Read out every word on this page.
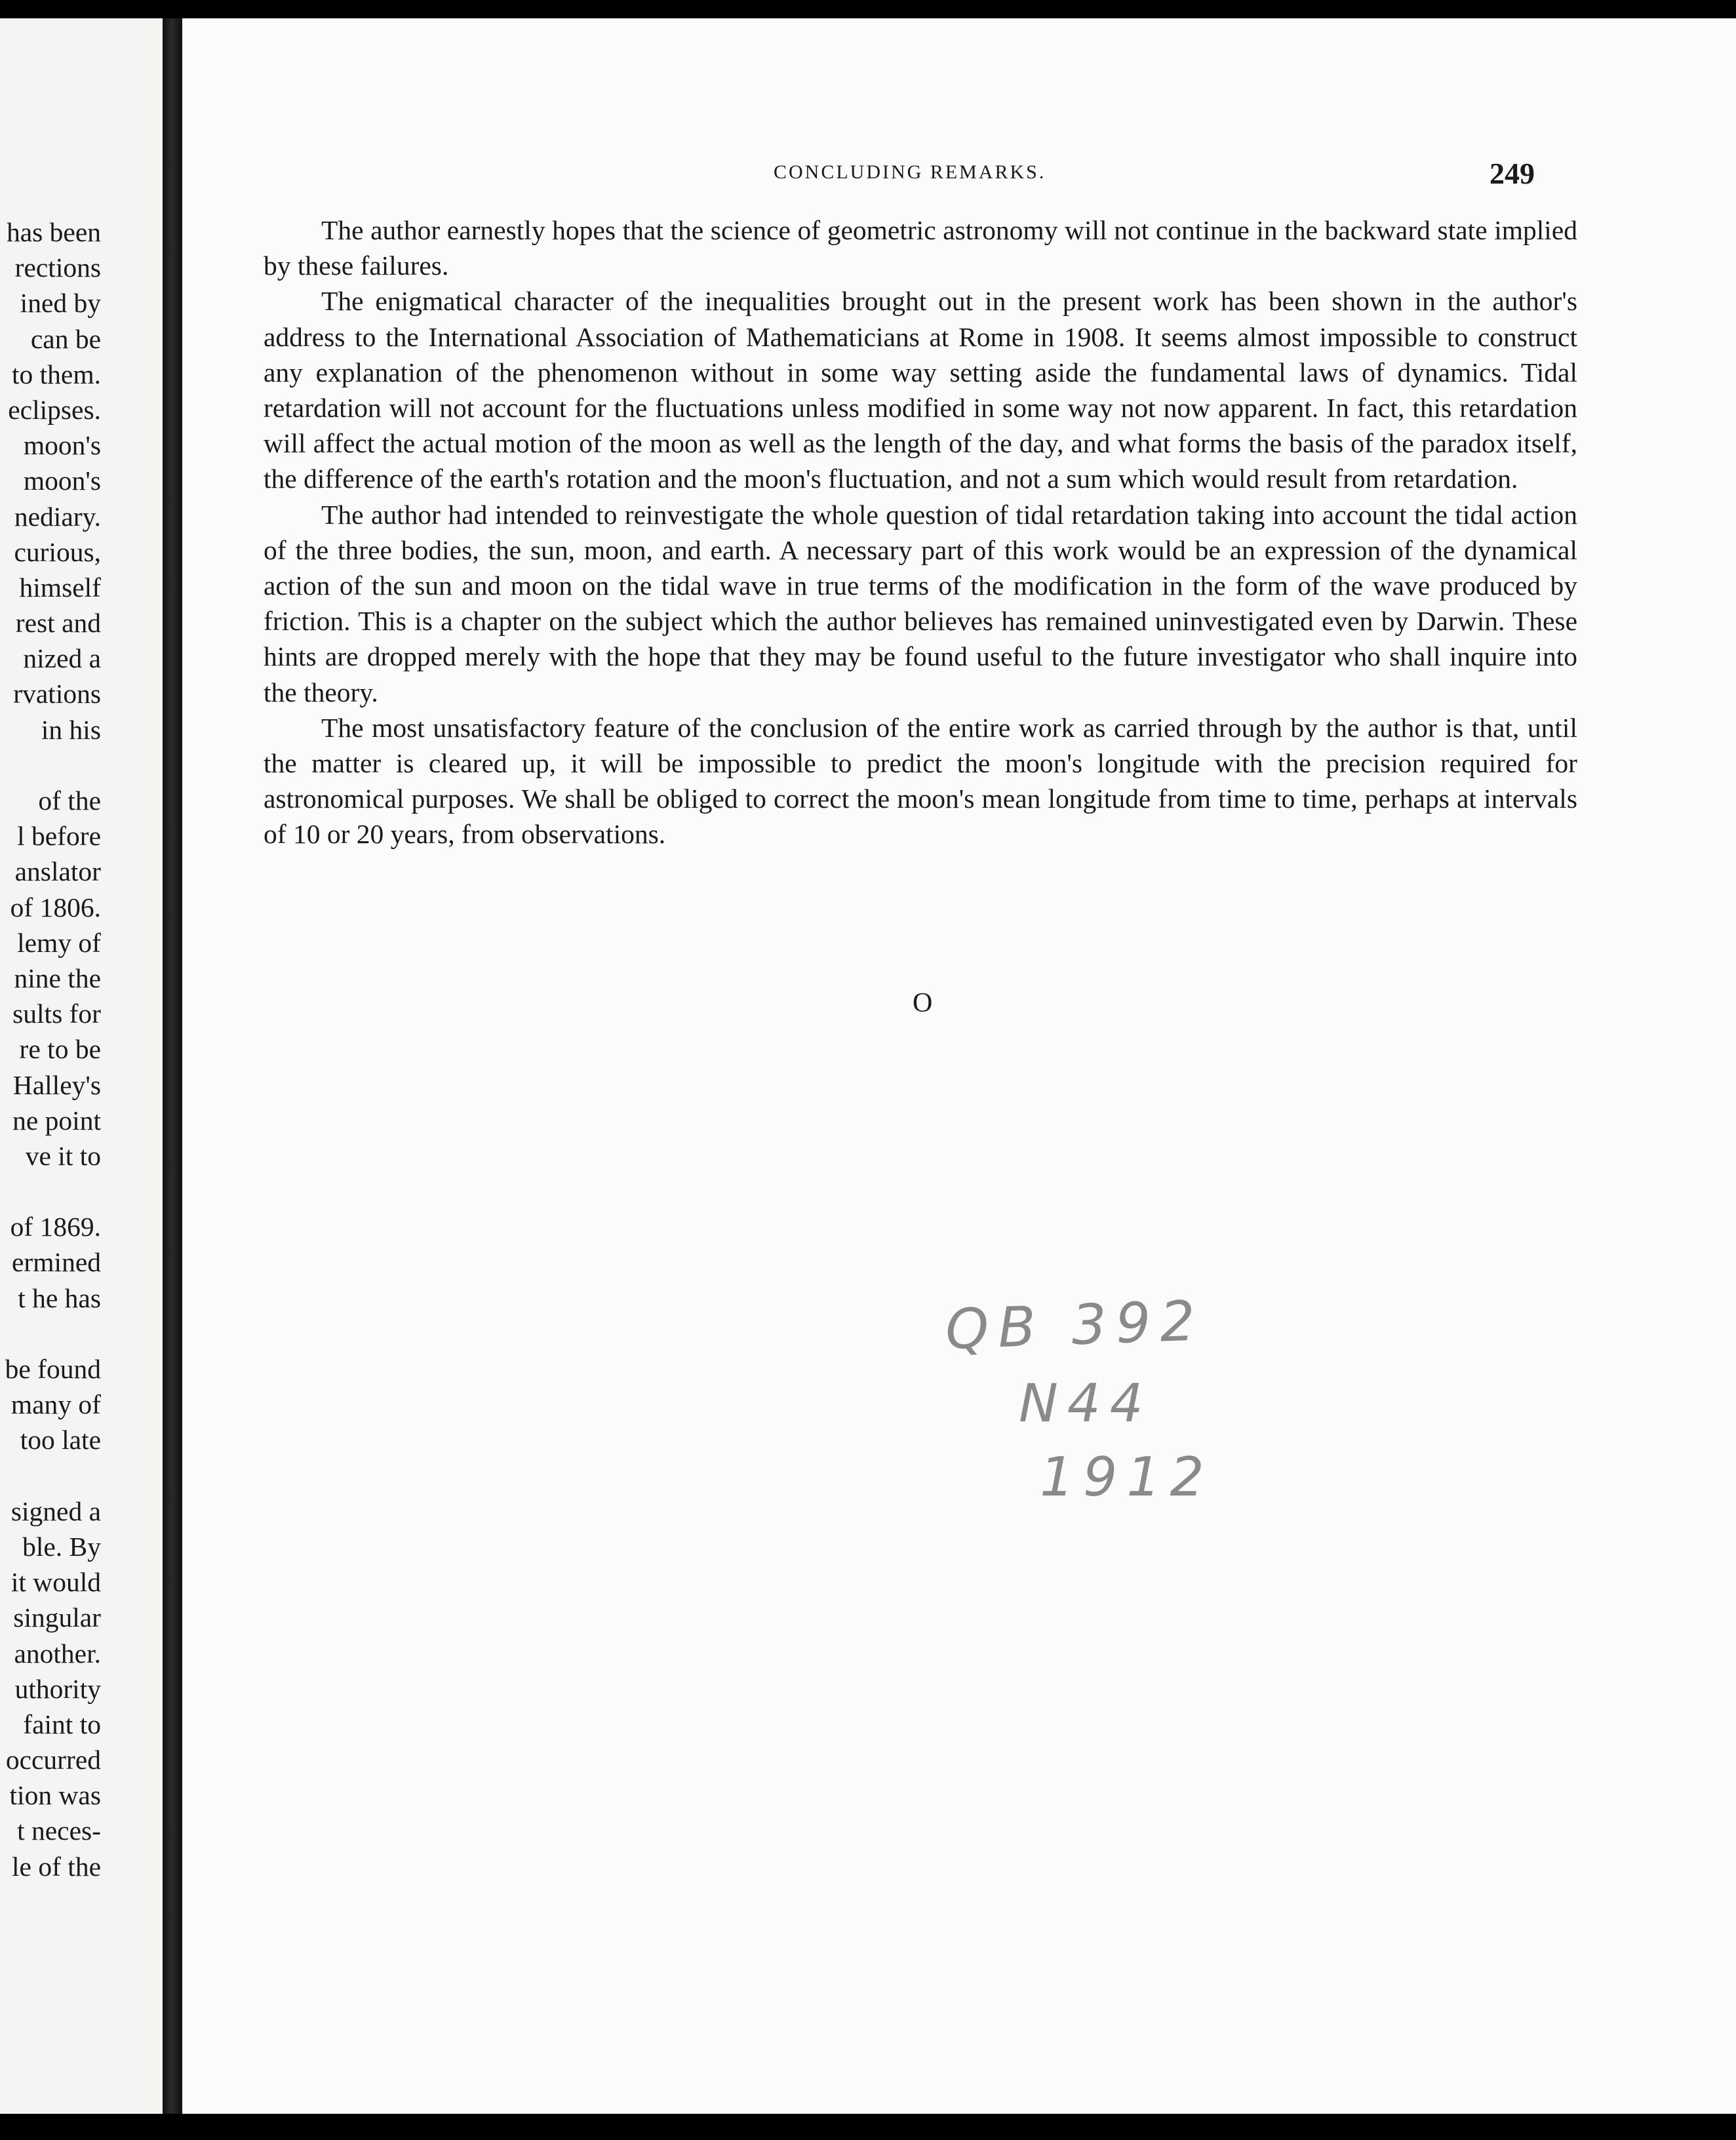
has been
rections
ined by
can be
to them.
eclipses.
moon's
moon's
nediary.
curious,
himself
rest and
nized a
rvations
in his
of the
l before
anslator
of 1806.
lemy of
nine the
sults for
re to be
Halley's
ne point
ve it to
of 1869.
ermined
t he has
be found
many of
too late
signed a
ble. By
it would
singular
another.
uthority
faint to
occurred
tion was
t neces-
le of the
CONCLUDING REMARKS.	249

The author earnestly hopes that the science of geometric astronomy will not continue in the backward state implied by these failures.

The enigmatical character of the inequalities brought out in the present work has been shown in the author's address to the International Association of Mathematicians at Rome in 1908. It seems almost impossible to construct any explanation of the phenomenon without in some way setting aside the fundamental laws of dynamics. Tidal retardation will not account for the fluctuations unless modified in some way not now apparent. In fact, this retardation will affect the actual motion of the moon as well as the length of the day, and what forms the basis of the paradox itself, the difference of the earth's rotation and the moon's fluctuation, and not a sum which would result from retardation.

The author had intended to reinvestigate the whole question of tidal retardation taking into account the tidal action of the three bodies, the sun, moon, and earth. A necessary part of this work would be an expression of the dynamical action of the sun and moon on the tidal wave in true terms of the modification in the form of the wave produced by friction. This is a chapter on the subject which the author believes has remained uninvestigated even by Darwin. These hints are dropped merely with the hope that they may be found useful to the future investigator who shall inquire into the theory.

The most unsatisfactory feature of the conclusion of the entire work as carried through by the author is that, until the matter is cleared up, it will be impossible to predict the moon's longitude with the precision required for astronomical purposes. We shall be obliged to correct the moon's mean longitude from time to time, perhaps at intervals of 10 or 20 years, from observations.

O
QB 392
N44
1912
